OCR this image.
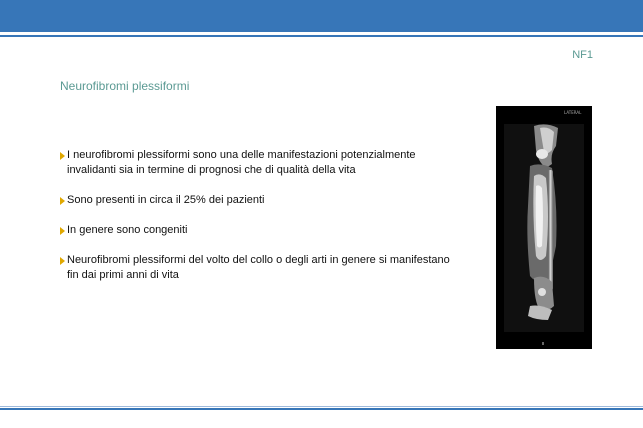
NF1
Neurofibromi plessiformi
I neurofibromi plessiformi sono una delle manifestazioni potenzialmente
invalidanti sia in termine di prognosi che di qualità della vita
Sono presenti in circa il 25% dei pazienti
In genere sono congeniti
Neurofibromi plessiformi del volto del collo o degli arti in genere si manifestano
fin dai primi anni di vita
LATERAL
